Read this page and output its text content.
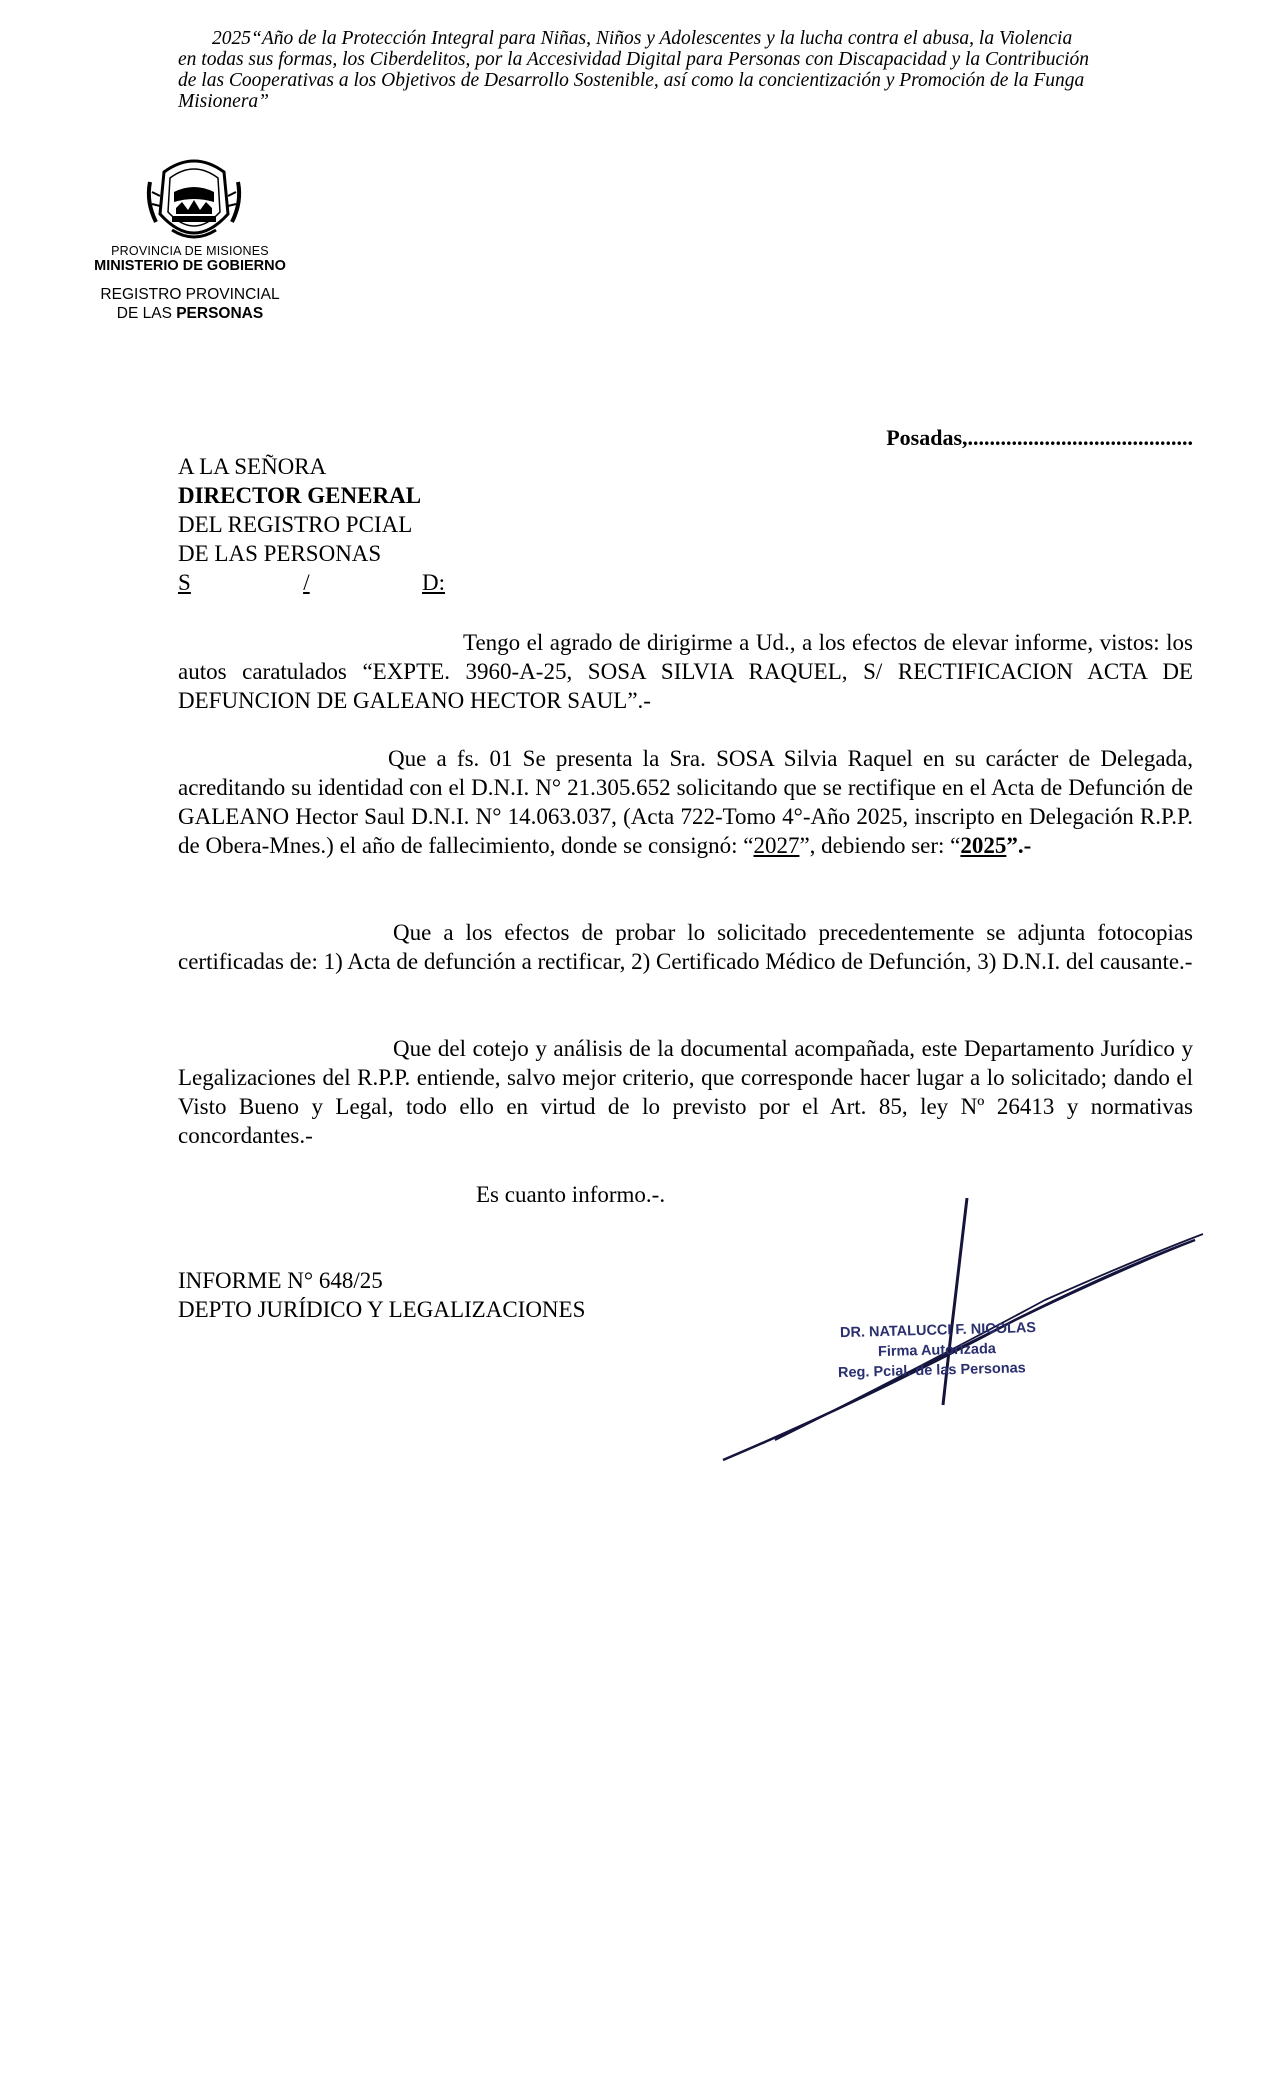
2025“Año de la Protección Integral para Niñas, Niños y Adolescentes y la lucha contra el abusa, la Violencia
en todas sus formas, los Ciberdelitos, por la Accesividad Digital para Personas con Discapacidad y la Contribución
de las Cooperativas a los Objetivos de Desarrollo Sostenible, así como la concientización y Promoción de la Funga
Misionera”
PROVINCIA DE MISIONES
MINISTERIO DE GOBIERNO
REGISTRO PROVINCIAL
DE LAS PERSONAS
Posadas,.........................................
A LA SEÑORA
DIRECTOR GENERAL
DEL REGISTRO PCIAL
DE LAS PERSONAS
S	/	D:

Tengo el agrado de dirigirme a Ud., a los efectos de elevar informe, vistos: los autos caratulados “EXPTE. 3960-A-25, SOSA SILVIA RAQUEL, S/ RECTIFICACION ACTA DE DEFUNCION DE GALEANO HECTOR SAUL”.-

Que a fs. 01 Se presenta la Sra. SOSA Silvia Raquel en su carácter de Delegada, acreditando su identidad con el D.N.I. N° 21.305.652 solicitando que se rectifique en el Acta de Defunción de GALEANO Hector Saul D.N.I. N° 14.063.037, (Acta 722-Tomo 4°-Año 2025, inscripto en Delegación R.P.P. de Obera-Mnes.) el año de fallecimiento, donde se consignó: “2027”, debiendo ser: “2025”.-

Que a los efectos de probar lo solicitado precedentemente se adjunta fotocopias certificadas de: 1) Acta de defunción a rectificar, 2) Certificado Médico de Defunción, 3) D.N.I. del causante.-

Que del cotejo y análisis de la documental acompañada, este Departamento Jurídico y Legalizaciones del R.P.P. entiende, salvo mejor criterio, que corresponde hacer lugar a lo solicitado; dando el Visto Bueno y Legal, todo ello en virtud de lo previsto por el Art. 85, ley Nº 26413 y normativas concordantes.-

Es cuanto informo.-.
INFORME N° 648/25
DEPTO JURÍDICO Y LEGALIZACIONES
DR. NATALUCCI F. NICOLAS
Firma Autorizada
Reg. Pcial. de las Personas
